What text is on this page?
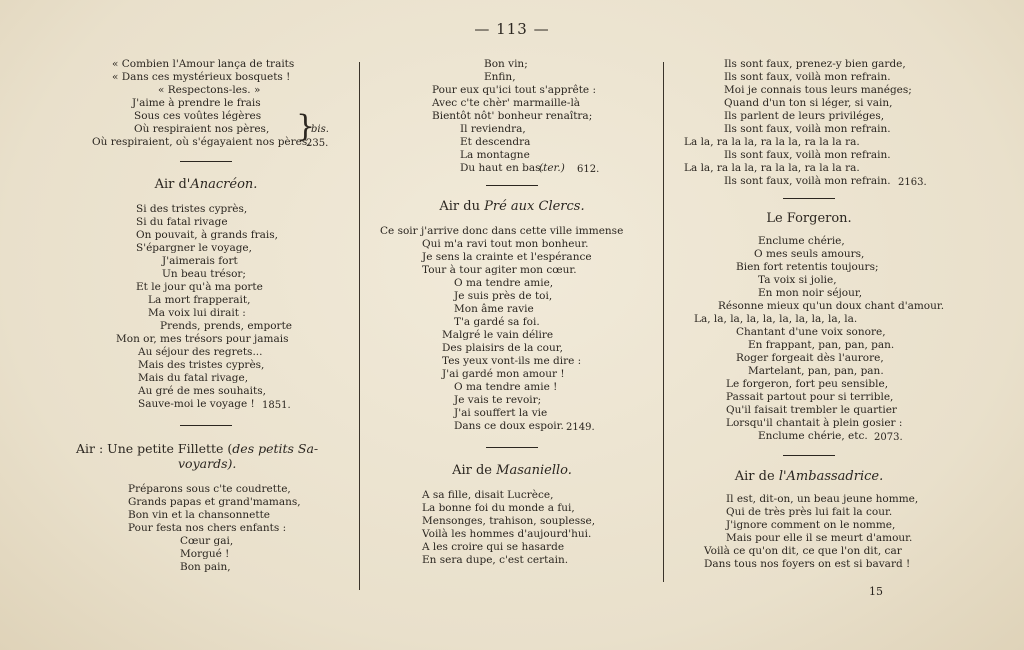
— 113 —
« Combien l'Amour lança de traits
« Dans ces mystérieux bosquets !
« Respectons-les. »
J'aime à prendre le frais
Sous ces voûtes légères
Où respiraient nos pères,
Où respiraient, où s'égayaient nos pères.
}
bis.
235.
Air d'Anacréon.
Si des tristes cyprès,
Si du fatal rivage
On pouvait, à grands frais,
S'épargner le voyage,
J'aimerais fort
Un beau trésor;
Et le jour qu'à ma porte
La mort frapperait,
Ma voix lui dirait :
Prends, prends, emporte
Mon or, mes trésors pour jamais
Au séjour des regrets...
Mais des tristes cyprès,
Mais du fatal rivage,
Au gré de mes souhaits,
Sauve-moi le voyage ! 1851.
Air : Une petite Fillette (des petits Sa-
voyards).
Préparons sous c'te coudrette,
Grands papas et grand'mamans,
Bon vin et la chansonnette
Pour festa nos chers enfants :
Cœur gai,
Morgué !
Bon pain,
Bon vin;
Enfin,
Pour eux qu'ici tout s'apprête :
Avec c'te chèr' marmaille-là
Bientôt nôt' bonheur renaîtra;
Il reviendra,
Et descendra
La montagne
Du haut en bas.
(ter.) 612.
Air du Pré aux Clercs.
Ce soir j'arrive donc dans cette ville immense
Qui m'a ravi tout mon bonheur.
Je sens la crainte et l'espérance
Tour à tour agiter mon cœur.
O ma tendre amie,
Je suis près de toi,
Mon âme ravie
T'a gardé sa foi.
Malgré le vain délire
Des plaisirs de la cour,
Tes yeux vont-ils me dire :
J'ai gardé mon amour !
O ma tendre amie !
Je vais te revoir;
J'ai souffert la vie
Dans ce doux espoir. 2149.
Air de Masaniello.
A sa fille, disait Lucrèce,
La bonne foi du monde a fui,
Mensonges, trahison, souplesse,
Voilà les hommes d'aujourd'hui.
A les croire qui se hasarde
En sera dupe, c'est certain.
Ils sont faux, prenez-y bien garde,
Ils sont faux, voilà mon refrain.
Moi je connais tous leurs manéges;
Quand d'un ton si léger, si vain,
Ils parlent de leurs priviléges,
Ils sont faux, voilà mon refrain.
La la, ra la la, ra la la, ra la la ra.
Ils sont faux, voilà mon refrain.
La la, ra la la, ra la la, ra la la ra.
Ils sont faux, voilà mon refrain. 2163.
Le Forgeron.
Enclume chérie,
O mes seuls amours,
Bien fort retentis toujours;
Ta voix si jolie,
En mon noir séjour,
Résonne mieux qu'un doux chant d'amour.
La, la, la, la, la, la, la, la, la, la.
Chantant d'une voix sonore,
En frappant, pan, pan, pan.
Roger forgeait dès l'aurore,
Martelant, pan, pan, pan.
Le forgeron, fort peu sensible,
Passait partout pour si terrible,
Qu'il faisait trembler le quartier
Lorsqu'il chantait à plein gosier :
Enclume chérie, etc. 2073.
Air de l'Ambassadrice.
Il est, dit-on, un beau jeune homme,
Qui de très près lui fait la cour.
J'ignore comment on le nomme,
Mais pour elle il se meurt d'amour.
Voilà ce qu'on dit, ce que l'on dit, car
Dans tous nos foyers on est si bavard !
15
